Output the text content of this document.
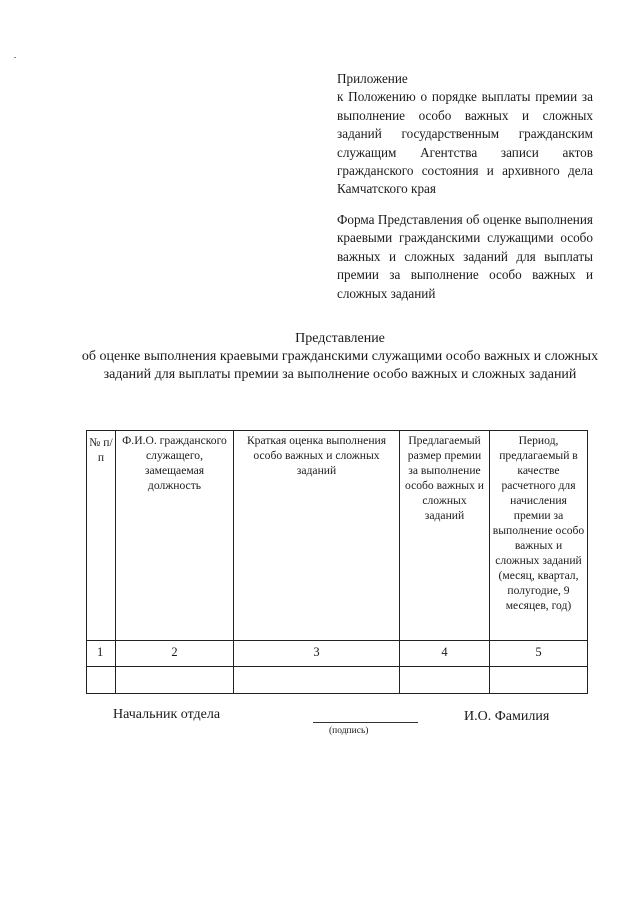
Приложение
к Положению о порядке выплаты премии за выполнение особо важных и сложных заданий государственным гражданским служащим Агентства записи актов гражданского состояния и архивного дела Камчатского края
Форма Представления об оценке выполнения краевыми гражданскими служащими особо важных и сложных заданий для выплаты премии за выполнение особо важных и сложных заданий
Представление
об оценке выполнения краевыми гражданскими служащими особо важных и сложных заданий для выплаты премии за выполнение особо важных и сложных заданий
№ п/п	Ф.И.О. гражданского служащего, замещаемая должность	Краткая оценка выполнения особо важных и сложных заданий	Предлагаемый размер премии за выполнение особо важных и сложных заданий	Период, предлагаемый в качестве расчетного для начисления премии за выполнение особо важных и сложных заданий (месяц, квартал, полугодие, 9 месяцев, год)
1	2	3	4	5

Начальник отдела
(подпись)
И.О. Фамилия
